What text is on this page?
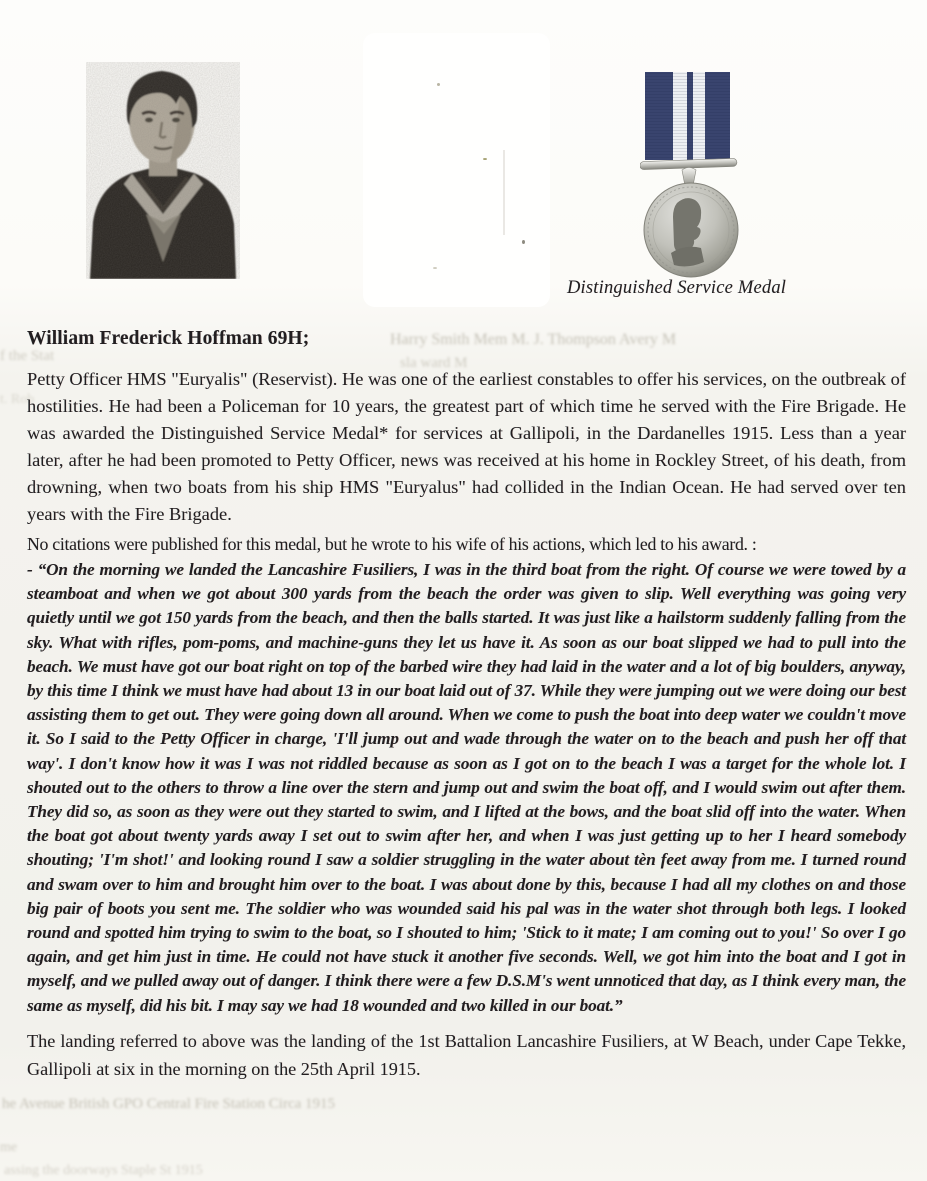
Distinguished Service Medal
Harry Smith Mem M. J. Thompson Avery M
sla ward M
f the Stat
t. Rob
he Avenue British GPO Central Fire Station Circa 1915
me
assing the doorways Staple St 1915
William Frederick Hoffman 69H;

Petty Officer HMS "Euryalis" (Reservist). He was one of the earliest constables to offer his services, on the outbreak of hostilities. He had been a Policeman for 10 years, the greatest part of which time he served with the Fire Brigade. He was awarded the Distinguished Service Medal* for services at Gallipoli, in the Dardanelles 1915. Less than a year later, after he had been promoted to Petty Officer, news was received at his home in Rockley Street, of his death, from drowning, when two boats from his ship HMS "Euryalus" had collided in the Indian Ocean. He had served over ten years with the Fire Brigade.

No citations were published for this medal, but he wrote to his wife of his actions, which led to his award. :

- “On the morning we landed the Lancashire Fusiliers, I was in the third boat from the right. Of course we were towed by a steamboat and when we got about 300 yards from the beach the order was given to slip. Well everything was going very quietly until we got 150 yards from the beach, and then the balls started. It was just like a hailstorm suddenly falling from the sky. What with rifles, pom-poms, and machine-guns they let us have it. As soon as our boat slipped we had to pull into the beach. We must have got our boat right on top of the barbed wire they had laid in the water and a lot of big boulders, anyway, by this time I think we must have had about 13 in our boat laid out of 37. While they were jumping out we were doing our best assisting them to get out. They were going down all around. When we come to push the boat into deep water we couldn't move it. So I said to the Petty Officer in charge, 'I'll jump out and wade through the water on to the beach and push her off that way'. I don't know how it was I was not riddled because as soon as I got on to the beach I was a target for the whole lot. I shouted out to the others to throw a line over the stern and jump out and swim the boat off, and I would swim out after them. They did so, as soon as they were out they started to swim, and I lifted at the bows, and the boat slid off into the water. When the boat got about twenty yards away I set out to swim after her, and when I was just getting up to her I heard somebody shouting; 'I'm shot!' and looking round I saw a soldier struggling in the water about tèn feet away from me. I turned round and swam over to him and brought him over to the boat. I was about done by this, because I had all my clothes on and those big pair of boots you sent me. The soldier who was wounded said his pal was in the water shot through both legs. I looked round and spotted him trying to swim to the boat, so I shouted to him; 'Stick to it mate; I am coming out to you!' So over I go again, and get him just in time. He could not have stuck it another five seconds. Well, we got him into the boat and I got in myself, and we pulled away out of danger. I think there were a few D.S.M's went unnoticed that day, as I think every man, the same as myself, did his bit. I may say we had 18 wounded and two killed in our boat.”

The landing referred to above was the landing of the 1st Battalion Lancashire Fusiliers, at W Beach, under Cape Tekke, Gallipoli at six in the morning on the 25th April 1915.
